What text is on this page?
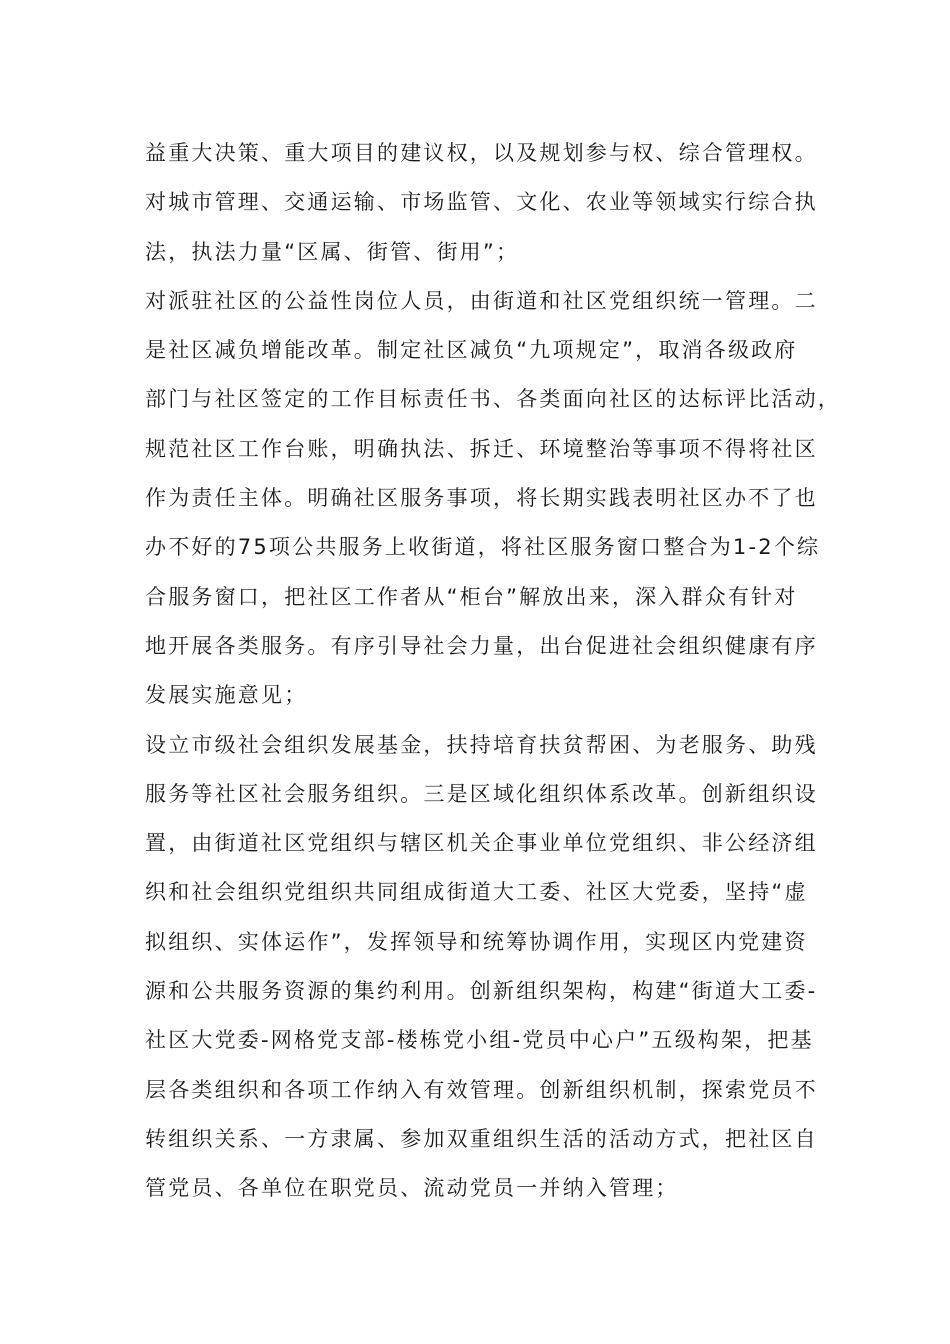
益重大决策、重大项目的建议权，以及规划参与权、综合管理权。
对城市管理、交通运输、市场监管、文化、农业等领域实行综合执
法，执法力量“区属、街管、街用”；
对派驻社区的公益性岗位人员，由街道和社区党组织统一管理。二
是社区减负增能改革。制定社区减负“九项规定”，取消各级政府
部门与社区签定的工作目标责任书、各类面向社区的达标评比活动，
规范社区工作台账，明确执法、拆迁、环境整治等事项不得将社区
作为责任主体。明确社区服务事项，将长期实践表明社区办不了也
办不好的75项公共服务上收街道，将社区服务窗口整合为1-2个综
合服务窗口，把社区工作者从“柜台”解放出来，深入群众有针对
地开展各类服务。有序引导社会力量，出台促进社会组织健康有序
发展实施意见；
设立市级社会组织发展基金，扶持培育扶贫帮困、为老服务、助残
服务等社区社会服务组织。三是区域化组织体系改革。创新组织设
置，由街道社区党组织与辖区机关企事业单位党组织、非公经济组
织和社会组织党组织共同组成街道大工委、社区大党委，坚持“虚
拟组织、实体运作”，发挥领导和统筹协调作用，实现区内党建资
源和公共服务资源的集约利用。创新组织架构，构建“街道大工委-
社区大党委-网格党支部-楼栋党小组-党员中心户”五级构架，把基
层各类组织和各项工作纳入有效管理。创新组织机制，探索党员不
转组织关系、一方隶属、参加双重组织生活的活动方式，把社区自
管党员、各单位在职党员、流动党员一并纳入管理；
